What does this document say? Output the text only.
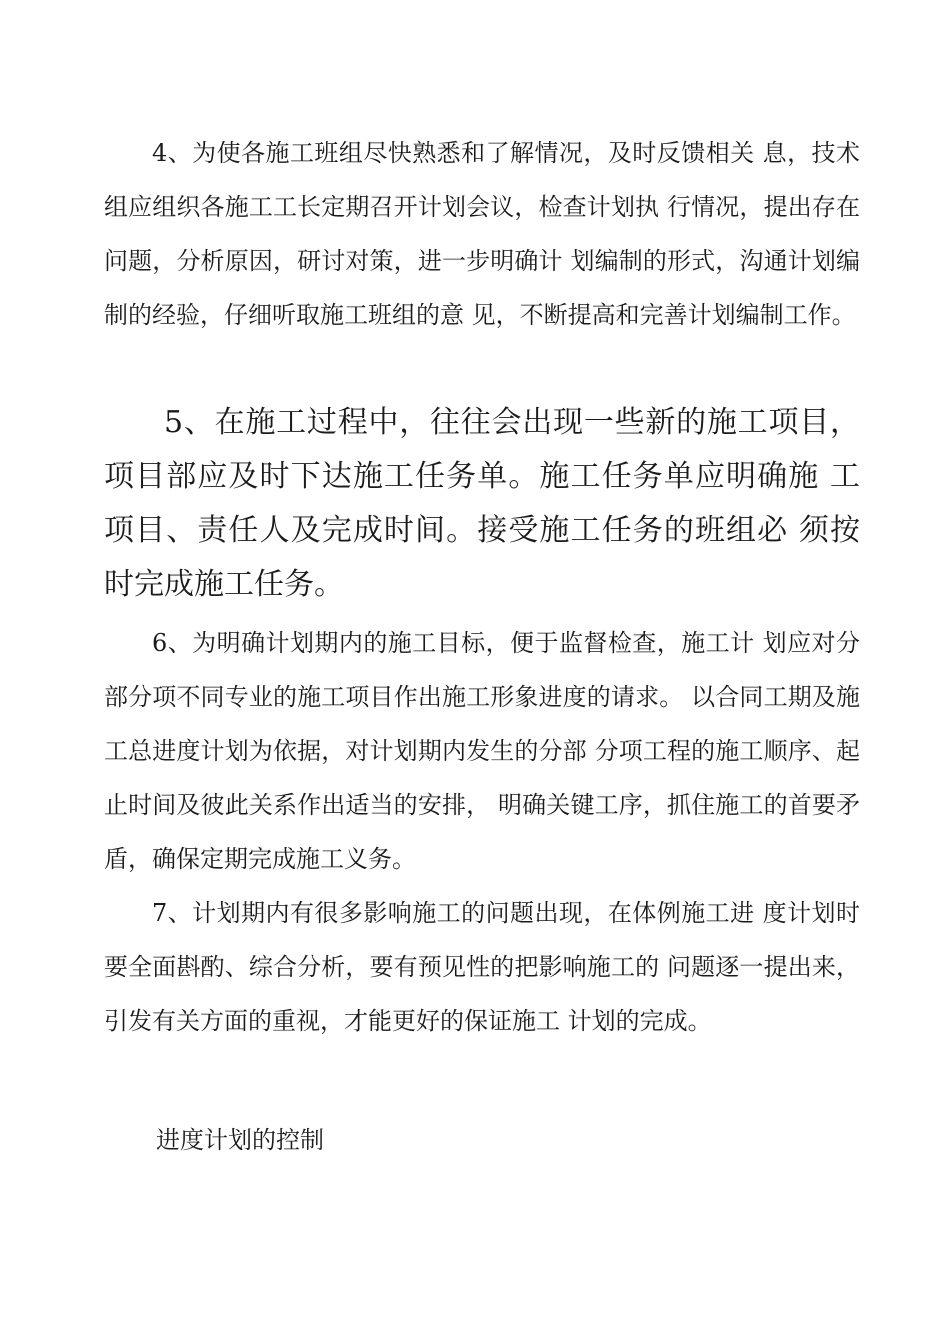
4、为使各施工班组尽快熟悉和了解情况，及时反馈相关 息，技术组应组织各施工工长定期召开计划会议，检查计划执 行情况，提出存在问题，分析原因，研讨对策，进一步明确计 划编制的形式，沟通计划编制的经验，仔细听取施工班组的意 见，不断提高和完善计划编制工作。

5、在施工过程中，往往会出现一些新的施工项目，项目部应及时下达施工任务单。施工任务单应明确施 工项目、责任人及完成时间。接受施工任务的班组必 须按时完成施工任务。

6、为明确计划期内的施工目标，便于监督检查，施工计 划应对分部分项不同专业的施工项目作出施工形象进度的请求。 以合同工期及施工总进度计划为依据，对计划期内发生的分部 分项工程的施工顺序、起止时间及彼此关系作出适当的安排， 明确关键工序，抓住施工的首要矛盾，确保定期完成施工义务。

7、计划期内有很多影响施工的问题出现，在体例施工进 度计划时要全面斟酌、综合分析，要有预见性的把影响施工的 问题逐一提出来，引发有关方面的重视，才能更好的保证施工 计划的完成。

进度计划的控制
